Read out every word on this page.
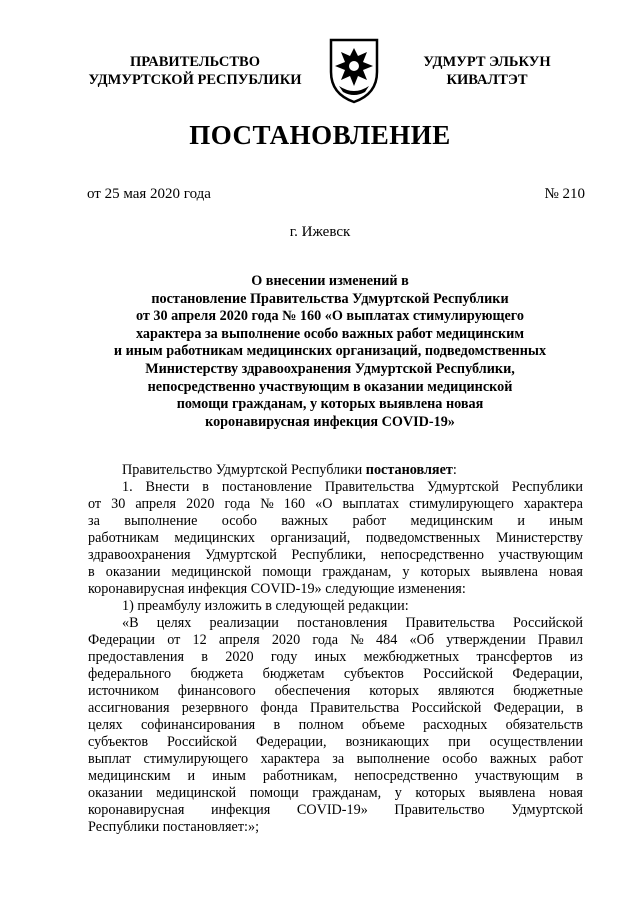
ПРАВИТЕЛЬСТВО
УДМУРТСКОЙ РЕСПУБЛИКИ
УДМУРТ ЭЛЬКУН
КИВАЛТЭТ
ПОСТАНОВЛЕНИЕ
от 25 мая 2020 года	№ 210
г. Ижевск
О внесении изменений в
постановление Правительства Удмуртской Республики
от 30 апреля 2020 года № 160 «О выплатах стимулирующего
характера за выполнение особо важных работ медицинским
и иным работникам медицинских организаций, подведомственных
Министерству здравоохранения Удмуртской Республики,
непосредственно участвующим в оказании медицинской
помощи гражданам, у которых выявлена новая
коронавирусная инфекция COVID-19»
Правительство Удмуртской Республики постановляет :
1. Внести в постановление Правительства Удмуртской Республики
от 30 апреля 2020 года № 160 «О выплатах стимулирующего характера
за выполнение особо важных работ медицинским и иным
работникам медицинских организаций, подведомственных Министерству
здравоохранения Удмуртской Республики, непосредственно участвующим
в оказании медицинской помощи гражданам, у которых выявлена новая
коронавирусная инфекция COVID-19» следующие изменения:
1) преамбулу изложить в следующей редакции:
«В целях реализации постановления Правительства Российской
Федерации от 12 апреля 2020 года № 484 «Об утверждении Правил
предоставления в 2020 году иных межбюджетных трансфертов из
федерального бюджета бюджетам субъектов Российской Федерации,
источником финансового обеспечения которых являются бюджетные
ассигнования резервного фонда Правительства Российской Федерации, в
целях софинансирования в полном объеме расходных обязательств
субъектов Российской Федерации, возникающих при осуществлении
выплат стимулирующего характера за выполнение особо важных работ
медицинским и иным работникам, непосредственно участвующим в
оказании медицинской помощи гражданам, у которых выявлена новая
коронавирусная инфекция COVID-19» Правительство Удмуртской
Республики постановляет:»;
